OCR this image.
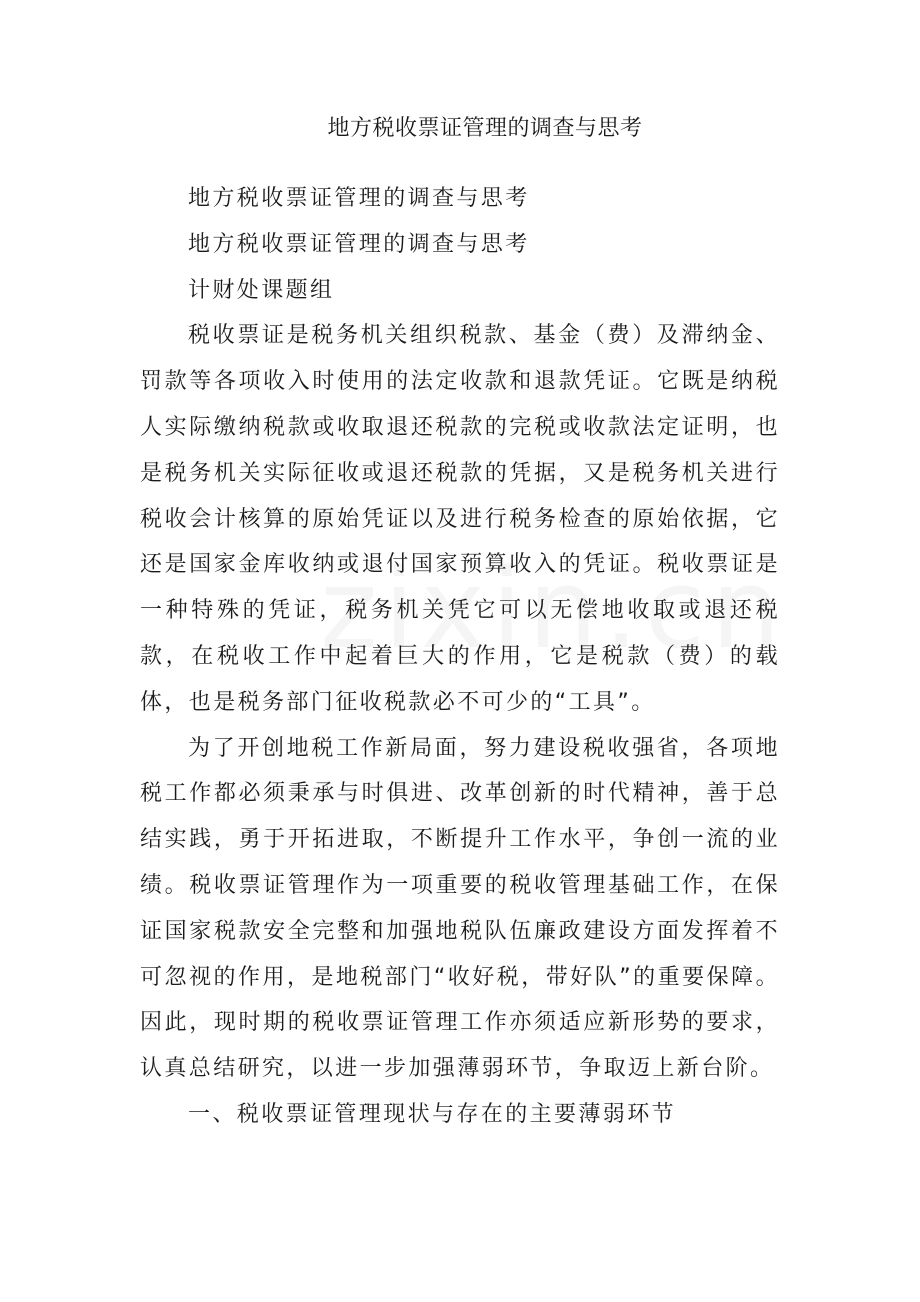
地方税收票证管理的调查与思考

地方税收票证管理的调查与思考

地方税收票证管理的调查与思考

计财处课题组

税收票证是税务机关组织税款、基金（费）及滞纳金、罚款等各项收入时使用的法定收款和退款凭证。它既是纳税人实际缴纳税款或收取退还税款的完税或收款法定证明，也是税务机关实际征收或退还税款的凭据，又是税务机关进行税收会计核算的原始凭证以及进行税务检查的原始依据，它还是国家金库收纳或退付国家预算收入的凭证。税收票证是一种特殊的凭证，税务机关凭它可以无偿地收取或退还税款，在税收工作中起着巨大的作用，它是税款（费）的载体，也是税务部门征收税款必不可少的“工具”。

为了开创地税工作新局面，努力建设税收强省，各项地税工作都必须秉承与时俱进、改革创新的时代精神，善于总结实践，勇于开拓进取，不断提升工作水平，争创一流的业绩。税收票证管理作为一项重要的税收管理基础工作，在保证国家税款安全完整和加强地税队伍廉政建设方面发挥着不可忽视的作用，是地税部门“收好税，带好队”的重要保障。因此，现时期的税收票证管理工作亦须适应新形势的要求，认真总结研究，以进一步加强薄弱环节，争取迈上新台阶。

一、税收票证管理现状与存在的主要薄弱环节
